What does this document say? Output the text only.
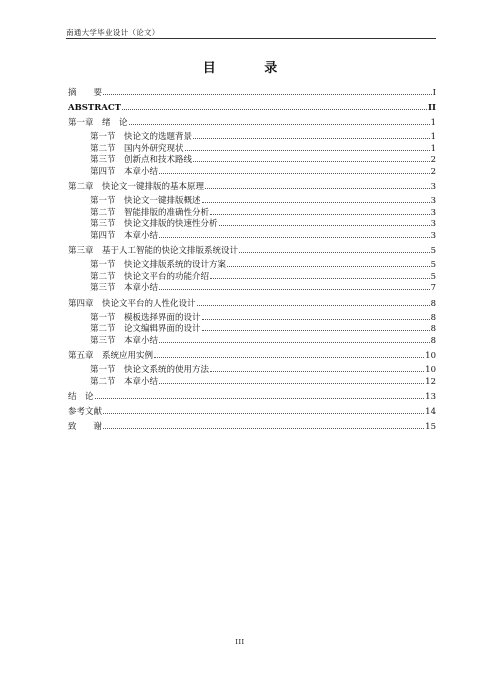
南通大学毕业设计（论文）
目 录
摘　　要	I
ABSTRACT	II
第一章　绪　论	1
第一节　快论文的选题背景	1
第二节　国内外研究现状	1
第三节　创新点和技术路线	2
第四节　本章小结	2
第二章　快论文一键排版的基本原理	3
第一节　快论文一键排版概述	3
第二节　智能排版的准确性分析	3
第三节　快论文排版的快速性分析	3
第四节　本章小结	3
第三章　基于人工智能的快论文排版系统设计	5
第一节　快论文排版系统的设计方案	5
第二节　快论文平台的功能介绍	5
第三节　本章小结	7
第四章　快论文平台的人性化设计	8
第一节　模板选择界面的设计	8
第二节　论文编辑界面的设计	8
第三节　本章小结	8
第五章　系统应用实例	10
第一节　快论文系统的使用方法	10
第二节　本章小结	12
结　论	13
参考文献	14
致　　谢	15
III
